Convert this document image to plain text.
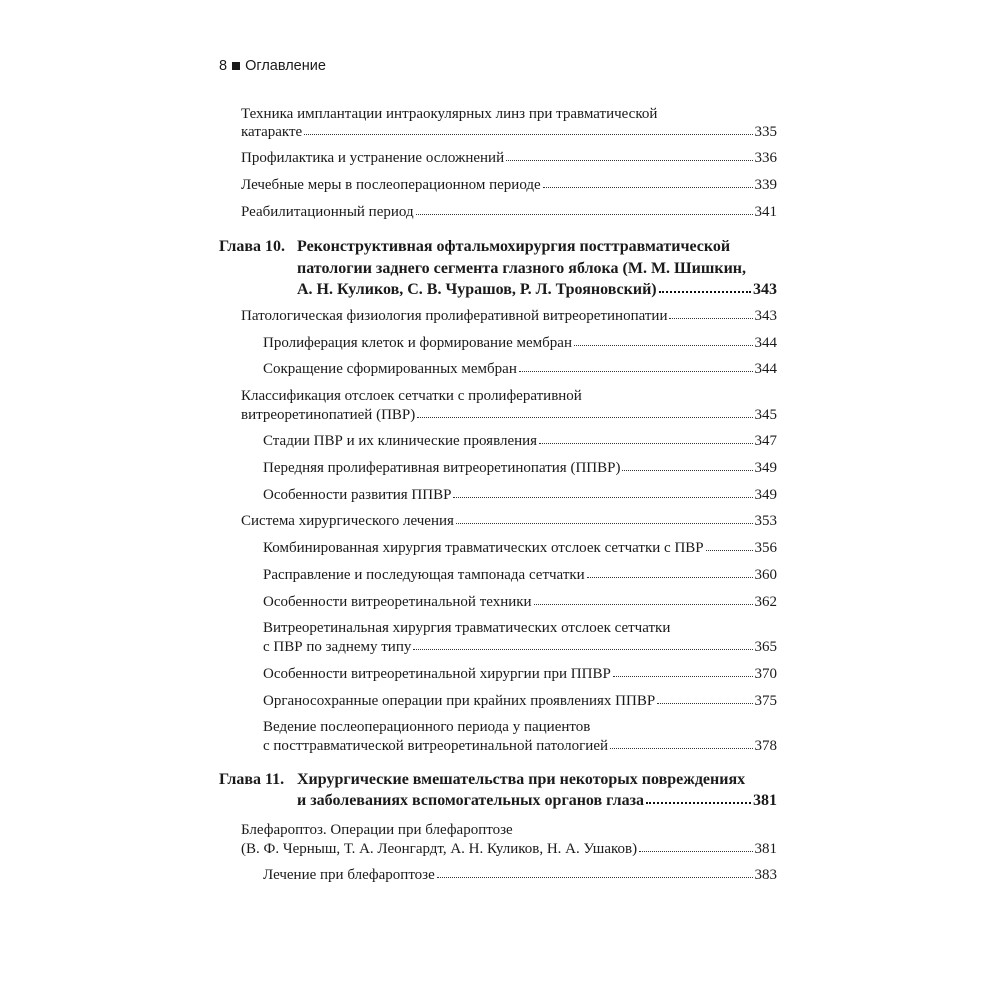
8 Оглавление
Техника имплантации интраокулярных линз при травматической
катаракте	335
Профилактика и устранение осложнений	336
Лечебные меры в послеоперационном периоде	339
Реабилитационный период	341
Глава 10. Реконструктивная офтальмохирургия посттравматической
патологии заднего сегмента глазного яблока (М. М. Шишкин,
А. Н. Куликов, С. В. Чурашов, Р. Л. Трояновский)	343
Патологическая физиология пролиферативной витреоретинопатии	343
Пролиферация клеток и формирование мембран	344
Сокращение сформированных мембран	344
Классификация отслоек сетчатки с пролиферативной
витреоретинопатией (ПВР)	345
Стадии ПВР и их клинические проявления	347
Передняя пролиферативная витреоретинопатия (ППВР)	349
Особенности развития ППВР	349
Система хирургического лечения	353
Комбинированная хирургия травматических отслоек сетчатки с ПВР	356
Расправление и последующая тампонада сетчатки	360
Особенности витреоретинальной техники	362
Витреоретинальная хирургия травматических отслоек сетчатки
с ПВР по заднему типу	365
Особенности витреоретинальной хирургии при ППВР	370
Органосохранные операции при крайних проявлениях ППВР	375
Ведение послеоперационного периода у пациентов
с посттравматической витреоретинальной патологией	378
Глава 11. Хирургические вмешательства при некоторых повреждениях
и заболеваниях вспомогательных органов глаза	381
Блефароптоз. Операции при блефароптозе
(В. Ф. Черныш, Т. А. Леонгардт, А. Н. Куликов, Н. А. Ушаков)	381
Лечение при блефароптозе	383
